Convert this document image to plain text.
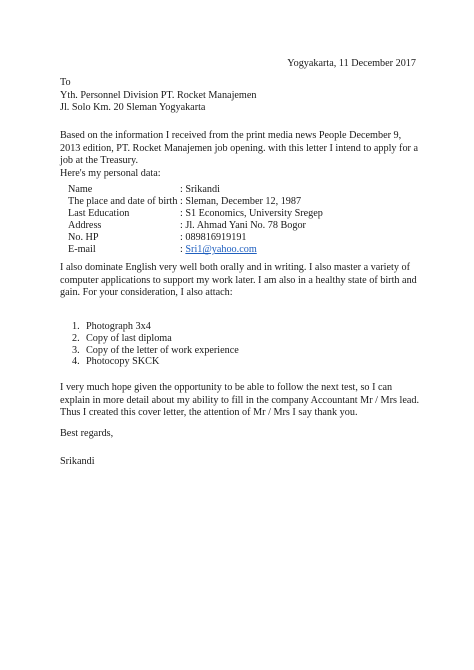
Yogyakarta, 11 December 2017

To

Yth. Personnel Division PT. Rocket Manajemen

Jl. Solo Km. 20 Sleman Yogyakarta

Based on the information I received from the print media news People December 9, 2013 edition, PT. Rocket Manajemen job opening. with this letter I intend to apply for a job at the Treasury.

Here's my personal data:

Name	: Srikandi
The place and date of birth : Sleman, December 12, 1987
Last Education	: S1 Economics, University Sregep
Address	: Jl. Ahmad Yani No. 78 Bogor
No. HP	: 089816919191
E-mail	: Sri1@yahoo.com

I also dominate English very well both orally and in writing. I also master a variety of computer applications to support my work later. I am also in a healthy state of birth and gain. For your consideration, I also attach:

1. Photograph 3x4
2. Copy of last diploma
3. Copy of the letter of work experience
4. Photocopy SKCK

I very much hope given the opportunity to be able to follow the next test, so I can explain in more detail about my ability to fill in the company Accountant Mr / Mrs lead.

Thus I created this cover letter, the attention of Mr / Mrs I say thank you.

Best regards,
Srikandi
